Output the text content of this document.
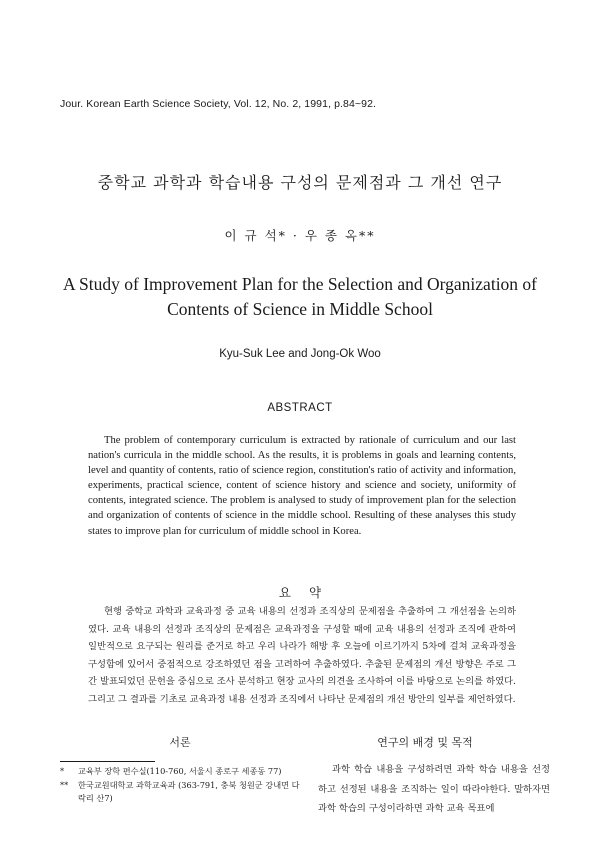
Jour. Korean Earth Science Society, Vol. 12, No. 2, 1991, p.84~92.
중학교 과학과 학습내용 구성의 문제점과 그 개선 연구
이 규 석* · 우 종 옥**
A Study of Improvement Plan for the Selection and Organization of Contents of Science in Middle School
Kyu-Suk Lee and Jong-Ok Woo
ABSTRACT
The problem of contemporary curriculum is extracted by rationale of curriculum and our last nation's curricula in the middle school. As the results, it is problems in goals and learning contents, level and quantity of contents, ratio of science region, constitution's ratio of activity and information, experiments, practical science, content of science history and science and society, uniformity of contents, integrated science. The problem is analysed to study of improvement plan for the selection and organization of contents of science in the middle school. Resulting of these analyses this study states to improve plan for curriculum of middle school in Korea.
요약
현행 중학교 과학과 교육과정 중 교육 내용의 선정과 조직상의 문제점을 추출하여 그 개선점을 논의하였다. 교육 내용의 선정과 조직상의 문제점은 교육과정을 구성할 때에 교육 내용의 선정과 조직에 관하여 일반적으로 요구되는 원리를 준거로 하고 우리 나라가 해방 후 오늘에 이르기까지 5차에 걸쳐 교육과정을 구성함에 있어서 중점적으로 강조하였던 점을 고려하여 추출하였다. 추출된 문제점의 개선 방향은 주로 그간 발표되었던 문헌을 중심으로 조사 분석하고 현장 교사의 의견을 조사하여 이를 바탕으로 논의를 하였다. 그리고 그 결과를 기초로 교육과정 내용 선정과 조직에서 나타난 문제점의 개선 방안의 일부를 제언하였다.
서론	연구의 배경 및 목적
* 교육부 장학 편수실(110-760, 서울시 종로구 세종동 77)
** 한국교원대학교 과학교육과 (363-791, 충북 청원군 강내면 다락리 산7)
과학 학습 내용을 구성하려면 과학 학습 내용을 선정하고 선정된 내용을 조직하는 일이 따라야한다. 말하자면 과학 학습의 구성이라하면 과학 교육 목표에
